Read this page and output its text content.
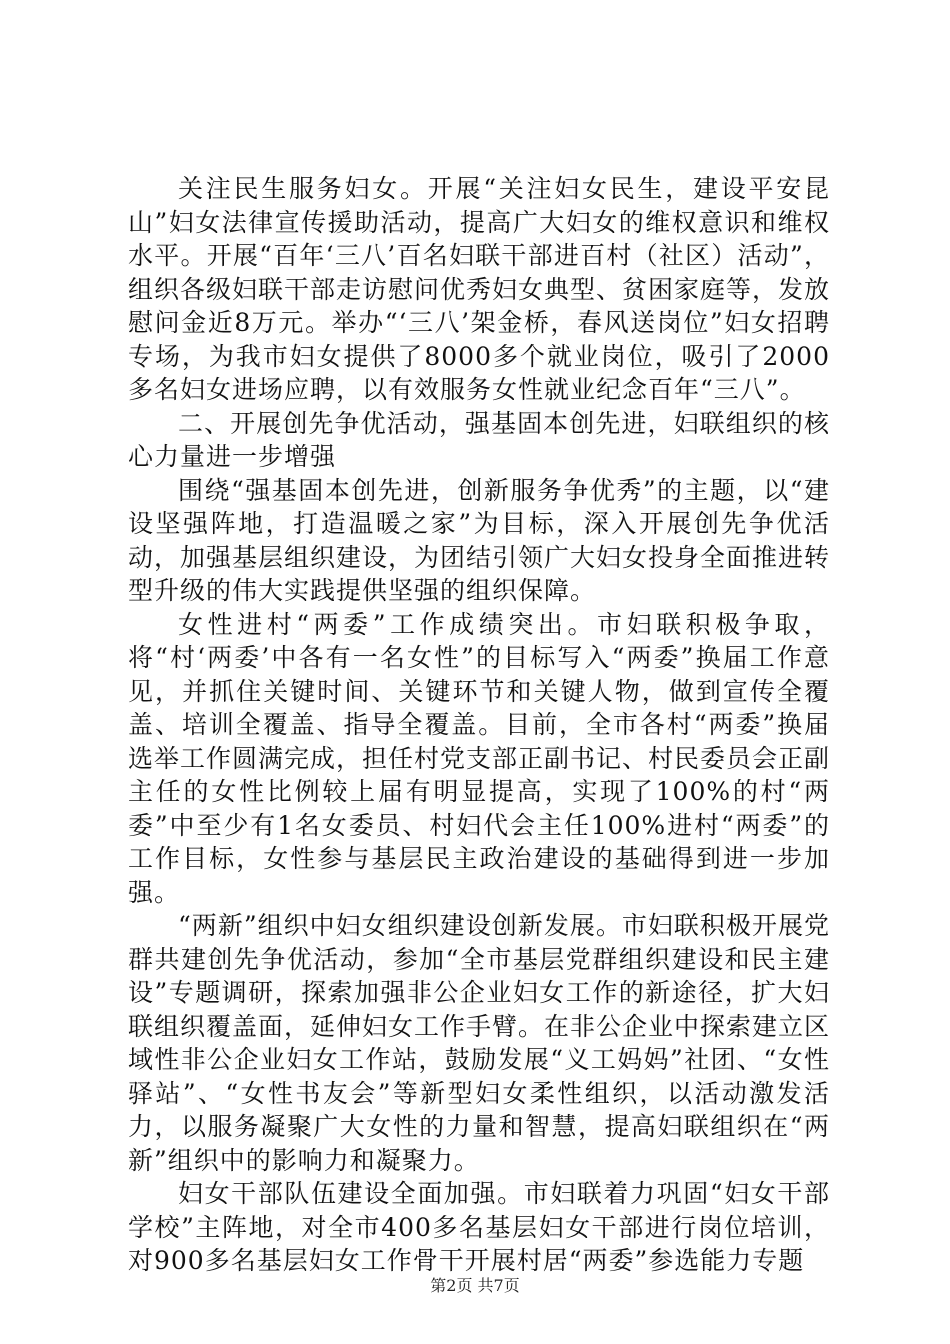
关注民生服务妇女。开展“关注妇女民生，建设平安昆山”妇女法律宣传援助活动，提高广大妇女的维权意识和维权水平。开展“百年‘三八’百名妇联干部进百村（社区）活动”，组织各级妇联干部走访慰问优秀妇女典型、贫困家庭等，发放慰问金近8万元。举办“‘三八’架金桥，春风送岗位”妇女招聘专场，为我市妇女提供了8000多个就业岗位，吸引了2000多名妇女进场应聘，以有效服务女性就业纪念百年“三八”。

二、开展创先争优活动，强基固本创先进，妇联组织的核心力量进一步增强

围绕“强基固本创先进，创新服务争优秀”的主题，以“建设坚强阵地，打造温暖之家”为目标，深入开展创先争优活动，加强基层组织建设，为团结引领广大妇女投身全面推进转型升级的伟大实践提供坚强的组织保障。

女性进村“两委”工作成绩突出。市妇联积极争取，将“村‘两委’中各有一名女性”的目标写入“两委”换届工作意见，并抓住关键时间、关键环节和关键人物，做到宣传全覆盖、培训全覆盖、指导全覆盖。目前，全市各村“两委”换届选举工作圆满完成，担任村党支部正副书记、村民委员会正副主任的女性比例较上届有明显提高，实现了100%的村“两委”中至少有1名女委员、村妇代会主任100%进村“两委”的工作目标，女性参与基层民主政治建设的基础得到进一步加强。

“两新”组织中妇女组织建设创新发展。市妇联积极开展党群共建创先争优活动，参加“全市基层党群组织建设和民主建设”专题调研，探索加强非公企业妇女工作的新途径，扩大妇联组织覆盖面，延伸妇女工作手臂。在非公企业中探索建立区域性非公企业妇女工作站，鼓励发展“义工妈妈”社团、“女性驿站”、“女性书友会”等新型妇女柔性组织，以活动激发活力，以服务凝聚广大女性的力量和智慧，提高妇联组织在“两新”组织中的影响力和凝聚力。

妇女干部队伍建设全面加强。市妇联着力巩固“妇女干部学校”主阵地，对全市400多名基层妇女干部进行岗位培训，对900多名基层妇女工作骨干开展村居“两委”参选能力专题

第2页 共7页
